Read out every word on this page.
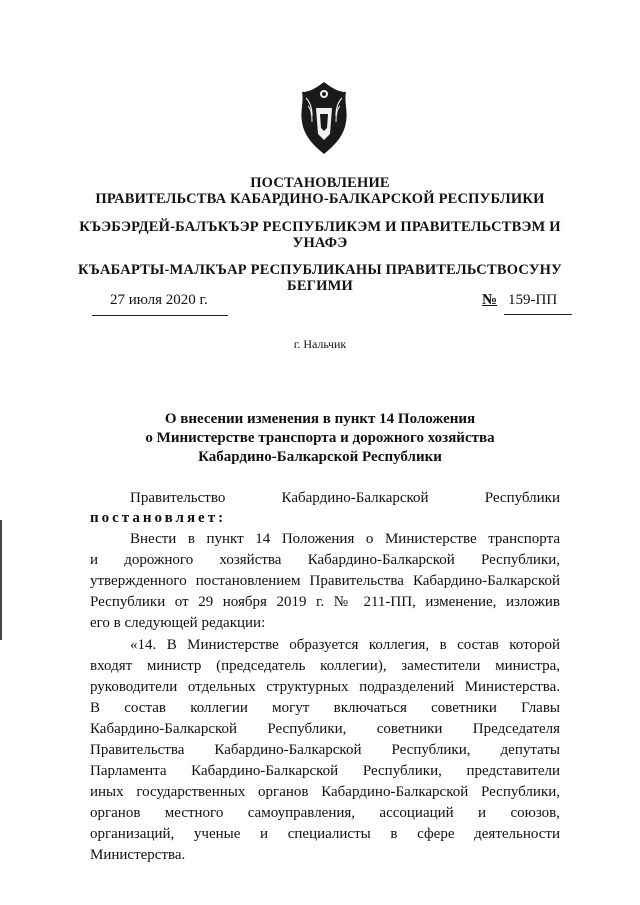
ПОСТАНОВЛЕНИЕ
ПРАВИТЕЛЬСТВА КАБАРДИНО-БАЛКАРСКОЙ РЕСПУБЛИКИ
КЪЭБЭРДЕЙ-БАЛЪКЪЭР РЕСПУБЛИКЭМ И ПРАВИТЕЛЬСТВЭМ И
УНАФЭ
КЪАБАРТЫ-МАЛКЪАР РЕСПУБЛИКАНЫ ПРАВИТЕЛЬСТВОСУНУ
БЕГИМИ
27 июля 2020 г.	№ 159-ПП
г. Нальчик
О внесении изменения в пункт 14 Положения
о Министерстве транспорта и дорожного хозяйства
Кабардино-Балкарской Республики
Правительство	Кабардино-Балкарской	Республики
постановляет:
Внести в пункт 14 Положения о Министерстве транспорта
и дорожного хозяйства Кабардино-Балкарской Республики,
утвержденного постановлением Правительства Кабардино-Балкарской
Республики от 29 ноября 2019 г. № 211-ПП, изменение, изложив
его в следующей редакции:
«14. В Министерстве образуется коллегия, в состав которой
входят министр (председатель коллегии), заместители министра,
руководители отдельных структурных подразделений Министерства.
В состав коллегии могут включаться советники Главы
Кабардино-Балкарской Республики, советники Председателя
Правительства Кабардино-Балкарской Республики, депутаты
Парламента Кабардино-Балкарской Республики, представители
иных государственных органов Кабардино-Балкарской Республики,
органов местного самоуправления, ассоциаций и союзов,
организаций, ученые и специалисты в сфере деятельности
Министерства.
